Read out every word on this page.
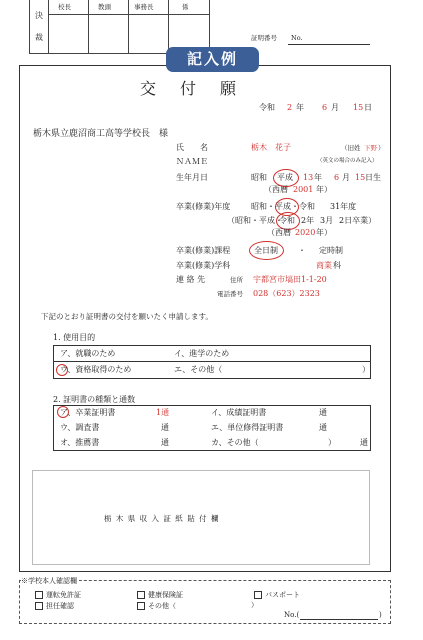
決
裁
校長	教頭	事務長	係
証明番号 No.
記入例
交付願
令和 2 年 6 月 15 日
栃木県立鹿沼商工高等学校長　様
氏　　名	栃木　花子	（旧姓 下野 ）
ＮＡＭＥ	（英文の場合のみ記入）
生年月日	昭和 平成 13 年 6 月 15 日生
（西暦 2001 年）
卒業(修業)年度	昭和・平成・令和 31年度
（昭和・平成・
令和 2年 3月 2日卒業）
（西暦 2020 年）
卒業(修業)課程	全日制	・ 定時制
卒業(修業)学科	商業 科
連 絡 先	住所 宇都宮市塙田1-1-20
電話番号 028（623）2323
下記のとおり証明書の交付を願いたく申請します。
1. 使用目的
ア、就職のため	イ、進学のため
ウ、資格取得のため	エ、その他（	）
2. 証明書の種類と通数
ア、卒業証明書	1通	イ、成績証明書	通
ウ、調査書	通	エ、単位修得証明書	通
オ、推薦書	通	カ、その他（	）	通
栃 木 県 収 入 証 紙 貼 付 欄
※学校本人確認欄
運転免許証	健康保険証	パスポート
担任確認	その他（	）
No.(	)
